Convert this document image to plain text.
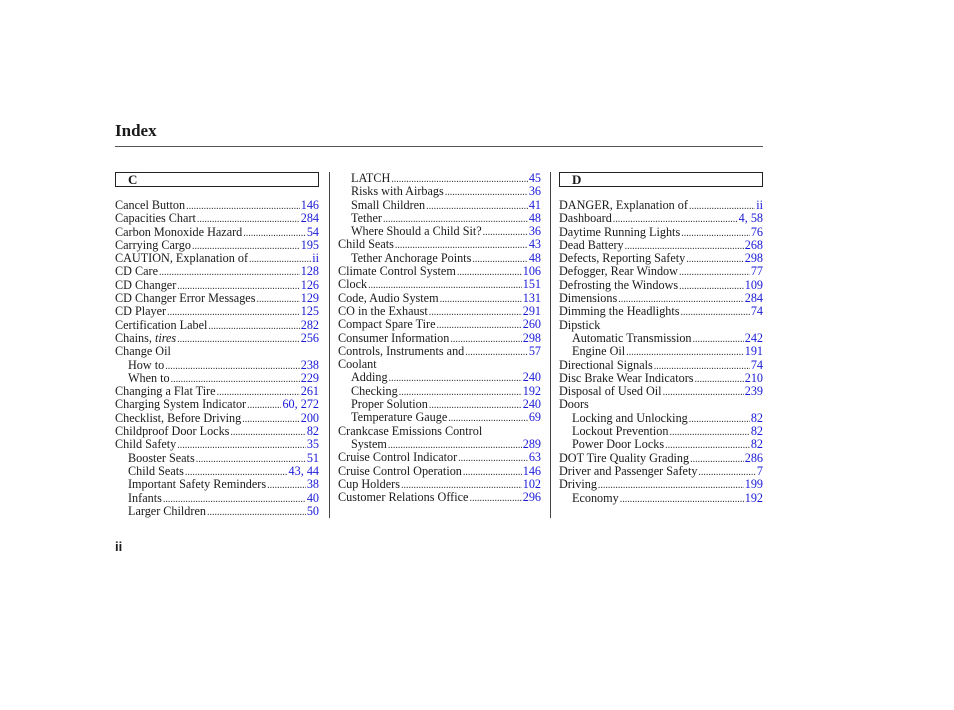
Index
C
Cancel Button .....	146
Capacities Chart .....	284
Carbon Monoxide Hazard .....	54
Carrying Cargo .....	195
CAUTION, Explanation of .....	ii
CD Care .....	128
CD Changer .....	126
CD Changer Error Messages .....	129
CD Player .....	125
Certification Label .....	282
Chains, tires .....	256
Change Oil
How to .....	238
When to .....	229
Changing a Flat Tire .....	261
Charging System Indicator .....	60, 272
Checklist, Before Driving .....	200
Childproof Door Locks .....	82
Child Safety .....	35
Booster Seats .....	51
Child Seats .....	43, 44
Important Safety Reminders .....	38
Infants .....	40
Larger Children .....	50
LATCH .....	45
Risks with Airbags .....	36
Small Children .....	41
Tether .....	48
Where Should a Child Sit? .....	36
Child Seats .....	43
Tether Anchorage Points .....	48
Climate Control System .....	106
Clock .....	151
Code, Audio System .....	131
CO in the Exhaust .....	291
Compact Spare Tire .....	260
Consumer Information .....	298
Controls, Instruments and .....	57
Coolant
Adding .....	240
Checking .....	192
Proper Solution .....	240
Temperature Gauge .....	69
Crankcase Emissions Control
System .....	289
Cruise Control Indicator .....	63
Cruise Control Operation .....	146
Cup Holders .....	102
Customer Relations Office .....	296
D
DANGER, Explanation of .....	ii
Dashboard .....	4, 58
Daytime Running Lights .....	76
Dead Battery .....	268
Defects, Reporting Safety .....	298
Defogger, Rear Window .....	77
Defrosting the Windows .....	109
Dimensions .....	284
Dimming the Headlights .....	74
Dipstick
Automatic Transmission .....	242
Engine Oil .....	191
Directional Signals .....	74
Disc Brake Wear Indicators .....	210
Disposal of Used Oil .....	239
Doors
Locking and Unlocking .....	82
Lockout Prevention .....	82
Power Door Locks .....	82
DOT Tire Quality Grading .....	286
Driver and Passenger Safety .....	7
Driving .....	199
Economy .....	192
ii
